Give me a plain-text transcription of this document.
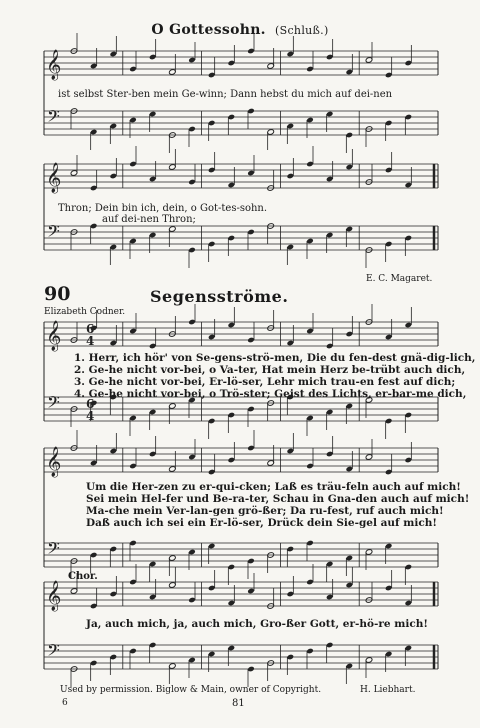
O Gottessohn. (Schluß.)
𝄞
𝄢
𝄞
𝄢
𝄞
𝄢
𝄞
𝄢
𝄞
𝄢
6
4
6
4
ist selbst Ster-ben mein Ge-winn; Dann hebst du mich auf dei-nen
Thron; Dein bin ich, dein, o Got-tes-sohn.
auf dei-nen Thron;
E. C. Magaret.
90	Segensströme.
Elizabeth Codner.
1. Herr, ich hör' von Se-gens-strö-men, Die du fen-dest gnä-dig-lich,
2. Ge-he nicht vor-bei, o Va-ter, Hat mein Herz be-trübt auch dich,
3. Ge-he nicht vor-bei, Er-lö-ser, Lehr mich trau-en fest auf dich;
4. Ge-he nicht vor-bei, o Trö-ster; Geist des Lichts, er-bar-me dich,
Um die Her-zen zu er-qui-cken; Laß es träu-feln auch auf mich!
Sei mein Hel-fer und Be-ra-ter, Schau in Gna-den auch auf mich!
Ma-che mein Ver-lan-gen grö-ßer; Da ru-fest, ruf auch mich!
Daß auch ich sei ein Er-lö-ser, Drück dein Sie-gel auf mich!
Chor.
Ja, auch mich, ja, auch mich, Gro-ßer Gott, er-hö-re mich!
Used by permission. Biglow & Main, owner of Copyright.	H. Liebhart.
6	81
